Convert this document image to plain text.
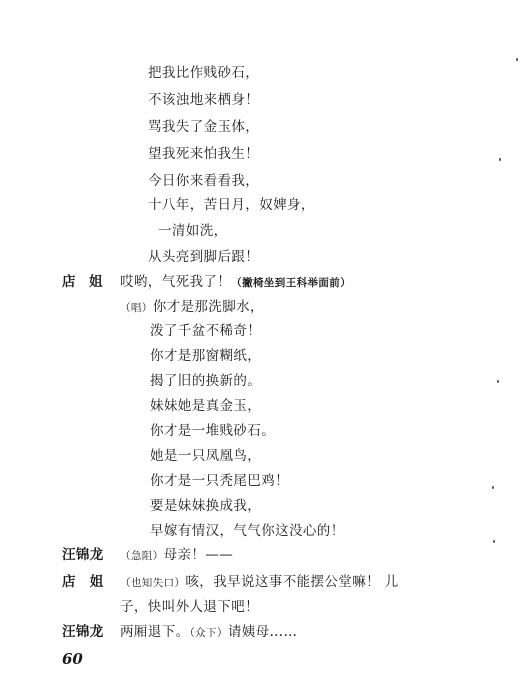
把我比作贱砂石，
不该浊地来栖身！
骂我失了金玉体，
望我死来怕我生！
今日你来看看我，
十八年，苦日月，奴婢身，
一清如洗，
从头亮到脚后跟！
店　姐 哎哟，气死我了！（撇椅坐到王科举面前）
（唱）你才是那洗脚水，
泼了千盆不稀奇！
你才是那窗糊纸，
揭了旧的换新的。
妹妹她是真金玉，
你才是一堆贱砂石。
她是一只凤凰鸟，
你才是一只秃尾巴鸡！
要是妹妹换成我，
早嫁有情汉，气气你这没心的！
汪锦龙 （急阻）母亲！——
店　姐 （也知失口）咳，我早说这事不能摆公堂嘛！ 儿
子，快叫外人退下吧！
汪锦龙 两厢退下。（众下）请姨母……
60
